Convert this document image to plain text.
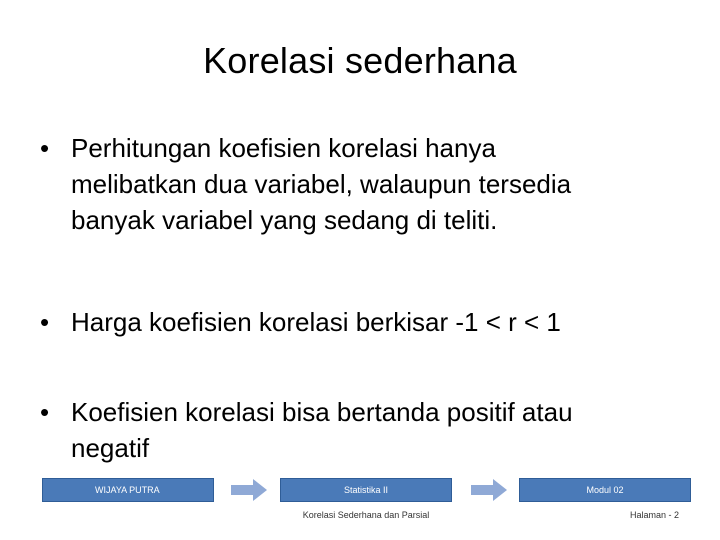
Korelasi sederhana
• Perhitungan koefisien korelasi hanya
melibatkan dua variabel, walaupun tersedia
banyak variabel yang sedang di teliti.
• Harga koefisien korelasi berkisar -1 < r < 1
• Koefisien korelasi bisa bertanda positif atau
negatif
WIJAYA PUTRA	Statistika II	Modul 02
Korelasi Sederhana dan Parsial	Halaman - 2
